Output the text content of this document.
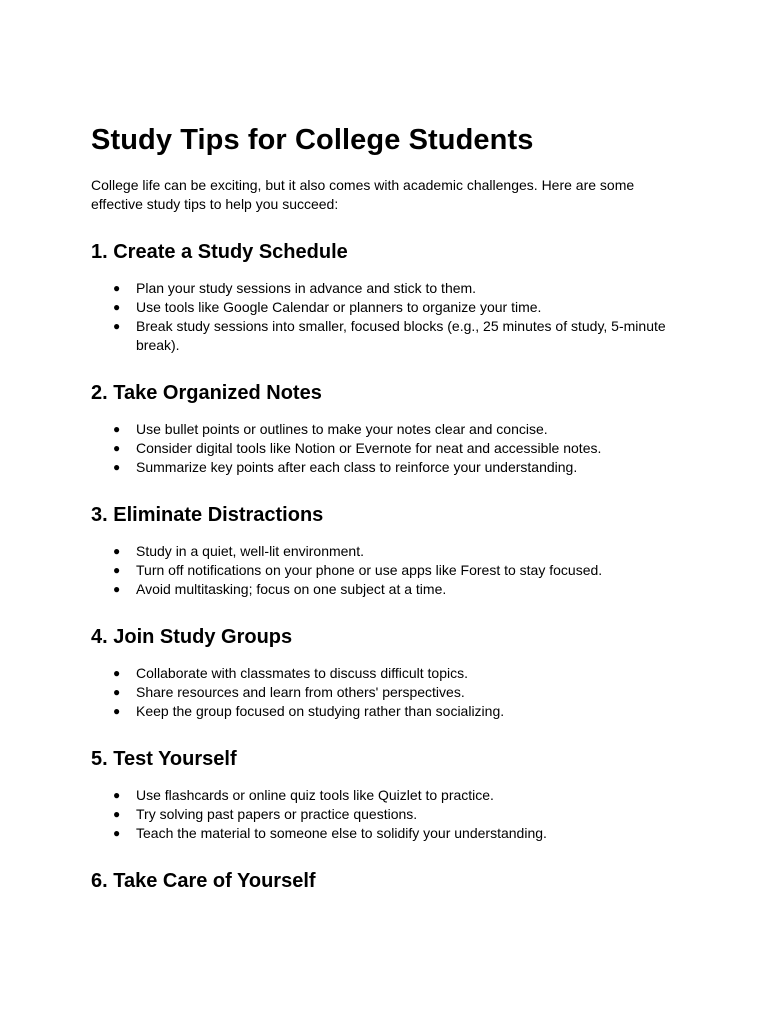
Study Tips for College Students

College life can be exciting, but it also comes with academic challenges. Here are some effective study tips to help you succeed:

1. Create a Study Schedule
● Plan your study sessions in advance and stick to them.
● Use tools like Google Calendar or planners to organize your time.
● Break study sessions into smaller, focused blocks (e.g., 25 minutes of study, 5-minute break).
2. Take Organized Notes
● Use bullet points or outlines to make your notes clear and concise.
● Consider digital tools like Notion or Evernote for neat and accessible notes.
● Summarize key points after each class to reinforce your understanding.
3. Eliminate Distractions
● Study in a quiet, well-lit environment.
● Turn off notifications on your phone or use apps like Forest to stay focused.
● Avoid multitasking; focus on one subject at a time.
4. Join Study Groups
● Collaborate with classmates to discuss difficult topics.
● Share resources and learn from others' perspectives.
● Keep the group focused on studying rather than socializing.
5. Test Yourself
● Use flashcards or online quiz tools like Quizlet to practice.
● Try solving past papers or practice questions.
● Teach the material to someone else to solidify your understanding.
6. Take Care of Yourself
